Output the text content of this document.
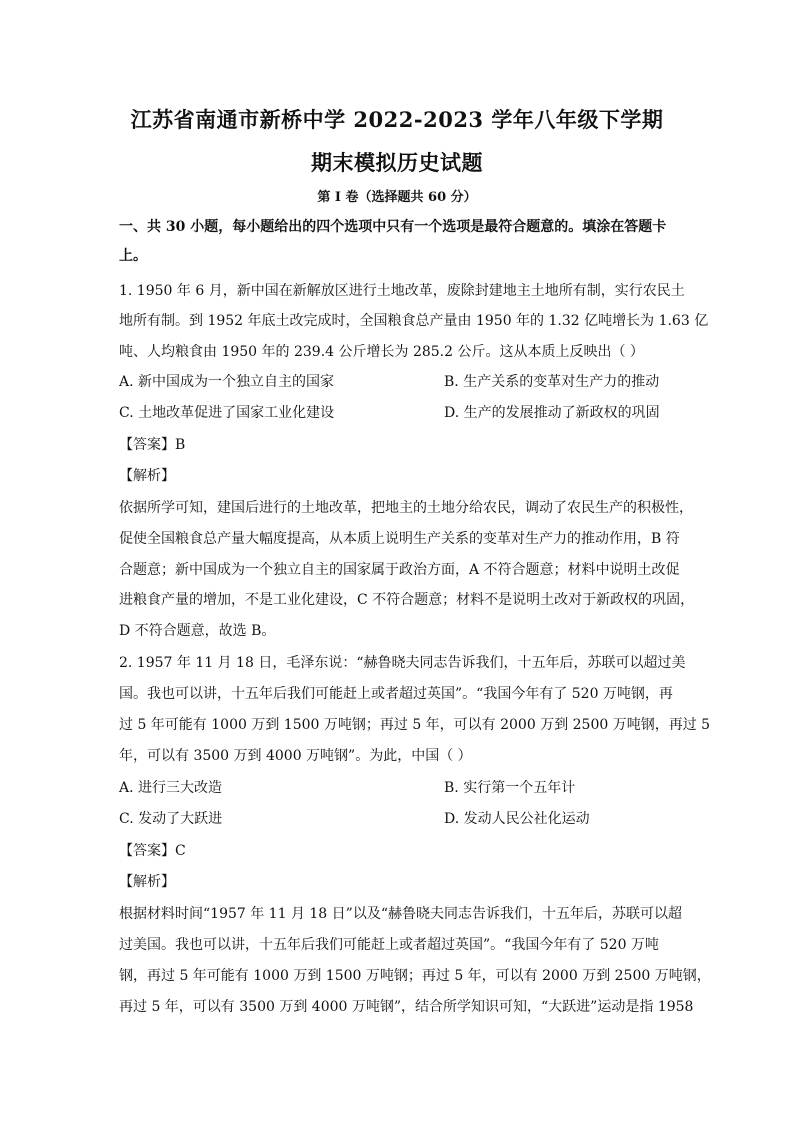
江苏省南通市新桥中学 2022-2023 学年八年级下学期
期末模拟历史试题
第 I 卷（选择题共 60 分）
一、共 30 小题，每小题给出的四个选项中只有一个选项是最符合题意的。填涂在答题卡
上。
1. 1950 年 6 月，新中国在新解放区进行土地改革，废除封建地主土地所有制，实行农民土
地所有制。到 1952 年底土改完成时，全国粮食总产量由 1950 年的 1.32 亿吨增长为 1.63 亿
吨、人均粮食由 1950 年的 239.4 公斤增长为 285.2 公斤。这从本质上反映出（ ）
A. 新中国成为一个独立自主的国家	B. 生产关系的变革对生产力的推动
C. 土地改革促进了国家工业化建设	D. 生产的发展推动了新政权的巩固
【答案】B
【解析】
依据所学可知，建国后进行的土地改革，把地主的土地分给农民，调动了农民生产的积极性，
促使全国粮食总产量大幅度提高，从本质上说明生产关系的变革对生产力的推动作用，B 符
合题意；新中国成为一个独立自主的国家属于政治方面，A 不符合题意；材料中说明土改促
进粮食产量的增加，不是工业化建设，C 不符合题意；材料不是说明土改对于新政权的巩固，
D 不符合题意，故选 B。
2. 1957 年 11 月 18 日，毛泽东说：“赫鲁晓夫同志告诉我们，十五年后，苏联可以超过美
国。我也可以讲，十五年后我们可能赶上或者超过英国”。“我国今年有了 520 万吨钢，再
过 5 年可能有 1000 万到 1500 万吨钢；再过 5 年，可以有 2000 万到 2500 万吨钢，再过 5
年，可以有 3500 万到 4000 万吨钢”。为此，中国（ ）
A. 进行三大改造	B. 实行第一个五年计
C. 发动了大跃进	D. 发动人民公社化运动
【答案】C
【解析】
根据材料时间“1957 年 11 月 18 日”以及“赫鲁晓夫同志告诉我们，十五年后，苏联可以超
过美国。我也可以讲，十五年后我们可能赶上或者超过英国”。“我国今年有了 520 万吨
钢，再过 5 年可能有 1000 万到 1500 万吨钢；再过 5 年，可以有 2000 万到 2500 万吨钢，
再过 5 年，可以有 3500 万到 4000 万吨钢”，结合所学知识可知，“大跃进”运动是指 1958
